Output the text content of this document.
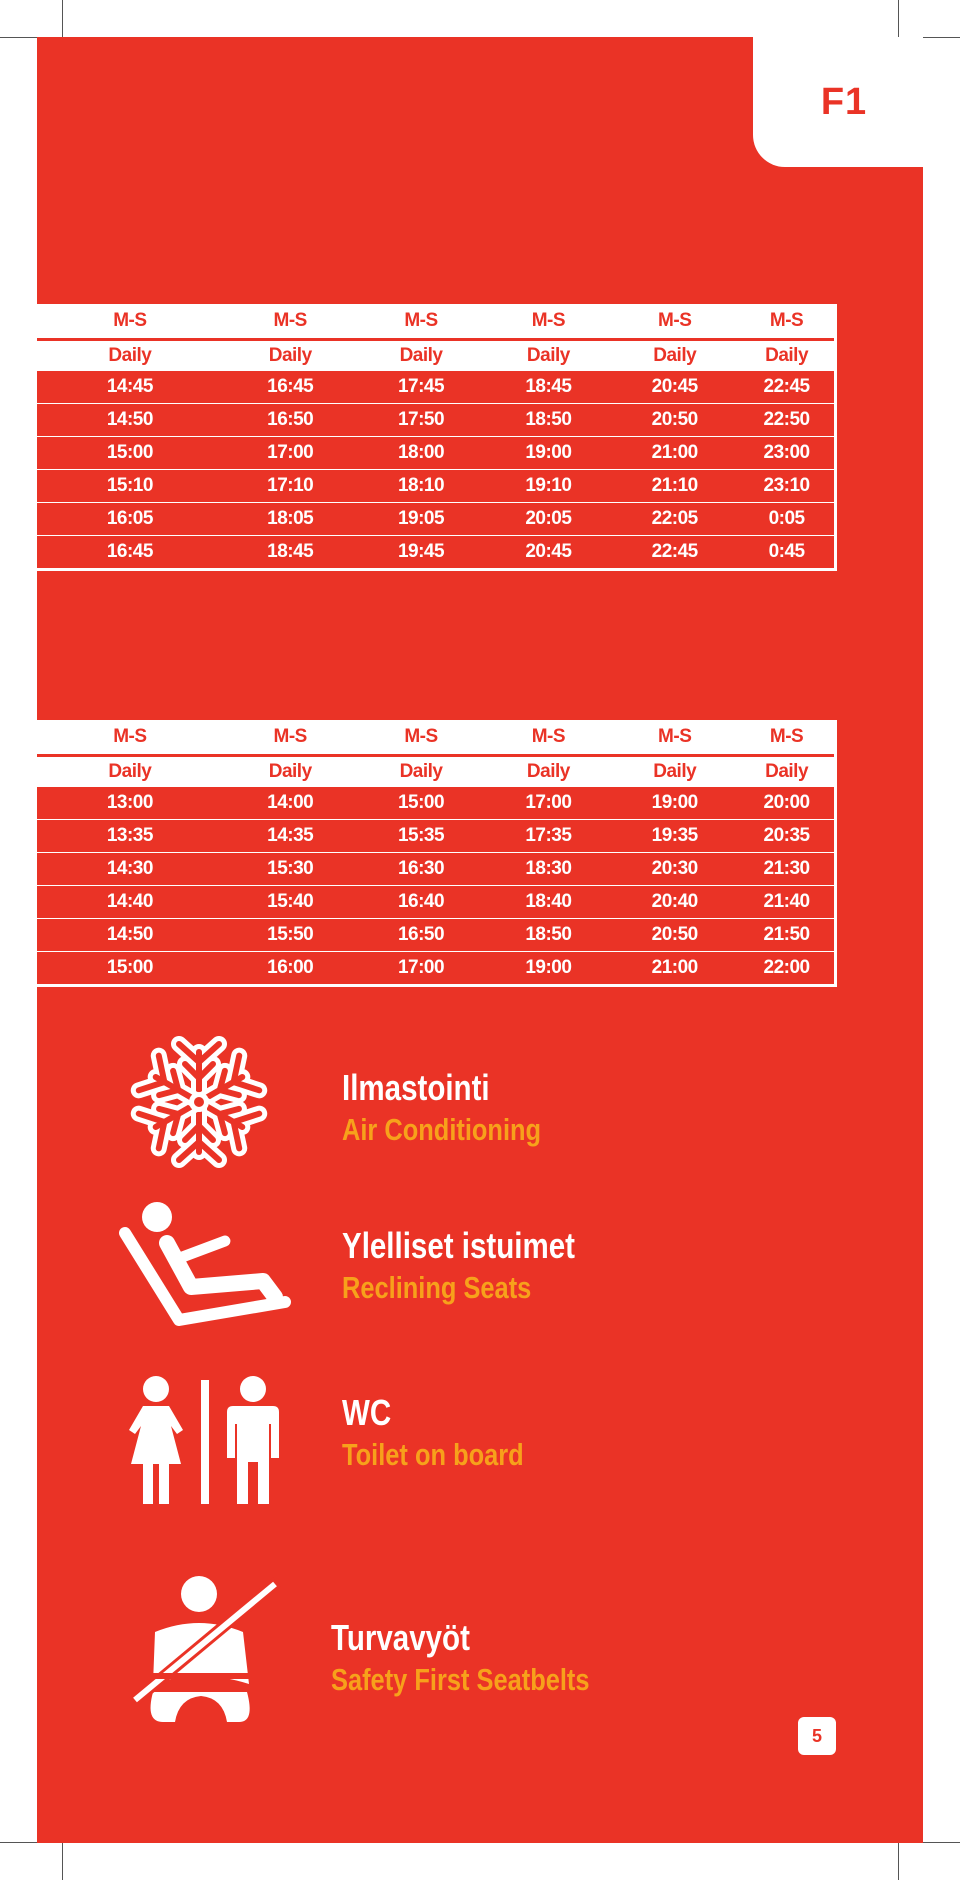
F1
M-S	M-S	M-S	M-S	M-S	M-S
Daily	Daily	Daily	Daily	Daily	Daily
14:45	16:45	17:45	18:45	20:45	22:45
14:50	16:50	17:50	18:50	20:50	22:50
15:00	17:00	18:00	19:00	21:00	23:00
15:10	17:10	18:10	19:10	21:10	23:10
16:05	18:05	19:05	20:05	22:05	0:05
16:45	18:45	19:45	20:45	22:45	0:45
M-S	M-S	M-S	M-S	M-S	M-S
Daily	Daily	Daily	Daily	Daily	Daily
13:00	14:00	15:00	17:00	19:00	20:00
13:35	14:35	15:35	17:35	19:35	20:35
14:30	15:30	16:30	18:30	20:30	21:30
14:40	15:40	16:40	18:40	20:40	21:40
14:50	15:50	16:50	18:50	20:50	21:50
15:00	16:00	17:00	19:00	21:00	22:00
Ilmastointi
Air Conditioning
Ylelliset istuimet
Reclining Seats
WC
Toilet on board
Turvavyöt
Safety First Seatbelts
5
